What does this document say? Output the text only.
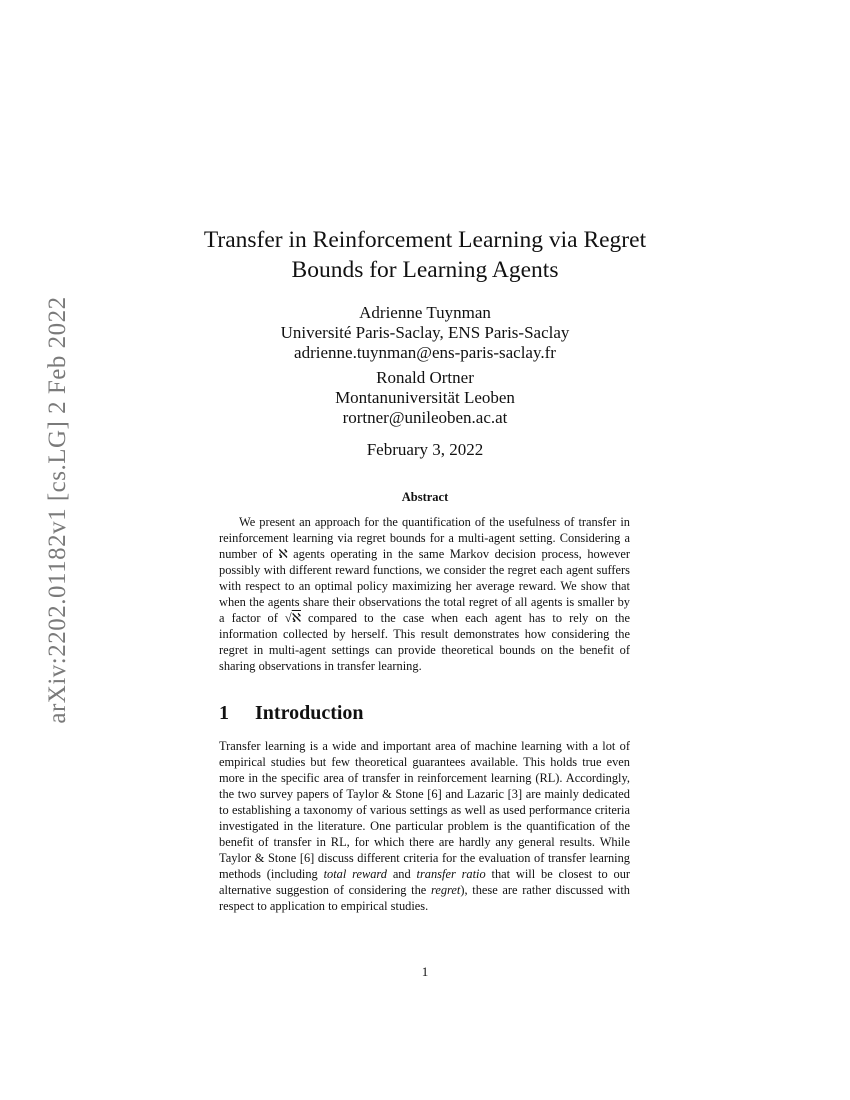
arXiv:2202.01182v1 [cs.LG] 2 Feb 2022
Transfer in Reinforcement Learning via Regret
Bounds for Learning Agents
Adrienne Tuynman
Université Paris-Saclay, ENS Paris-Saclay
adrienne.tuynman@ens-paris-saclay.fr
Ronald Ortner
Montanuniversität Leoben
rortner@unileoben.ac.at
February 3, 2022
Abstract

We present an approach for the quantification of the usefulness of transfer in reinforcement learning via regret bounds for a multi-agent setting. Considering a number of ℵ agents operating in the same Markov decision process, however possibly with different reward functions, we consider the regret each agent suffers with respect to an optimal policy maximizing her average reward. We show that when the agents share their observations the total regret of all agents is smaller by a factor of √ℵ compared to the case when each agent has to rely on the information collected by herself. This result demonstrates how considering the regret in multi-agent settings can provide theoretical bounds on the benefit of sharing observations in transfer learning.

1 Introduction

Transfer learning is a wide and important area of machine learning with a lot of empirical studies but few theoretical guarantees available. This holds true even more in the specific area of transfer in reinforcement learning (RL). Accordingly, the two survey papers of Taylor & Stone [6] and Lazaric [3] are mainly dedicated to establishing a taxonomy of various settings as well as used performance criteria investigated in the literature. One particular problem is the quantification of the benefit of transfer in RL, for which there are hardly any general results. While Taylor & Stone [6] discuss different criteria for the evaluation of transfer learning methods (including total reward and transfer ratio that will be closest to our alternative suggestion of considering the regret), these are rather discussed with respect to application to empirical studies.

1
